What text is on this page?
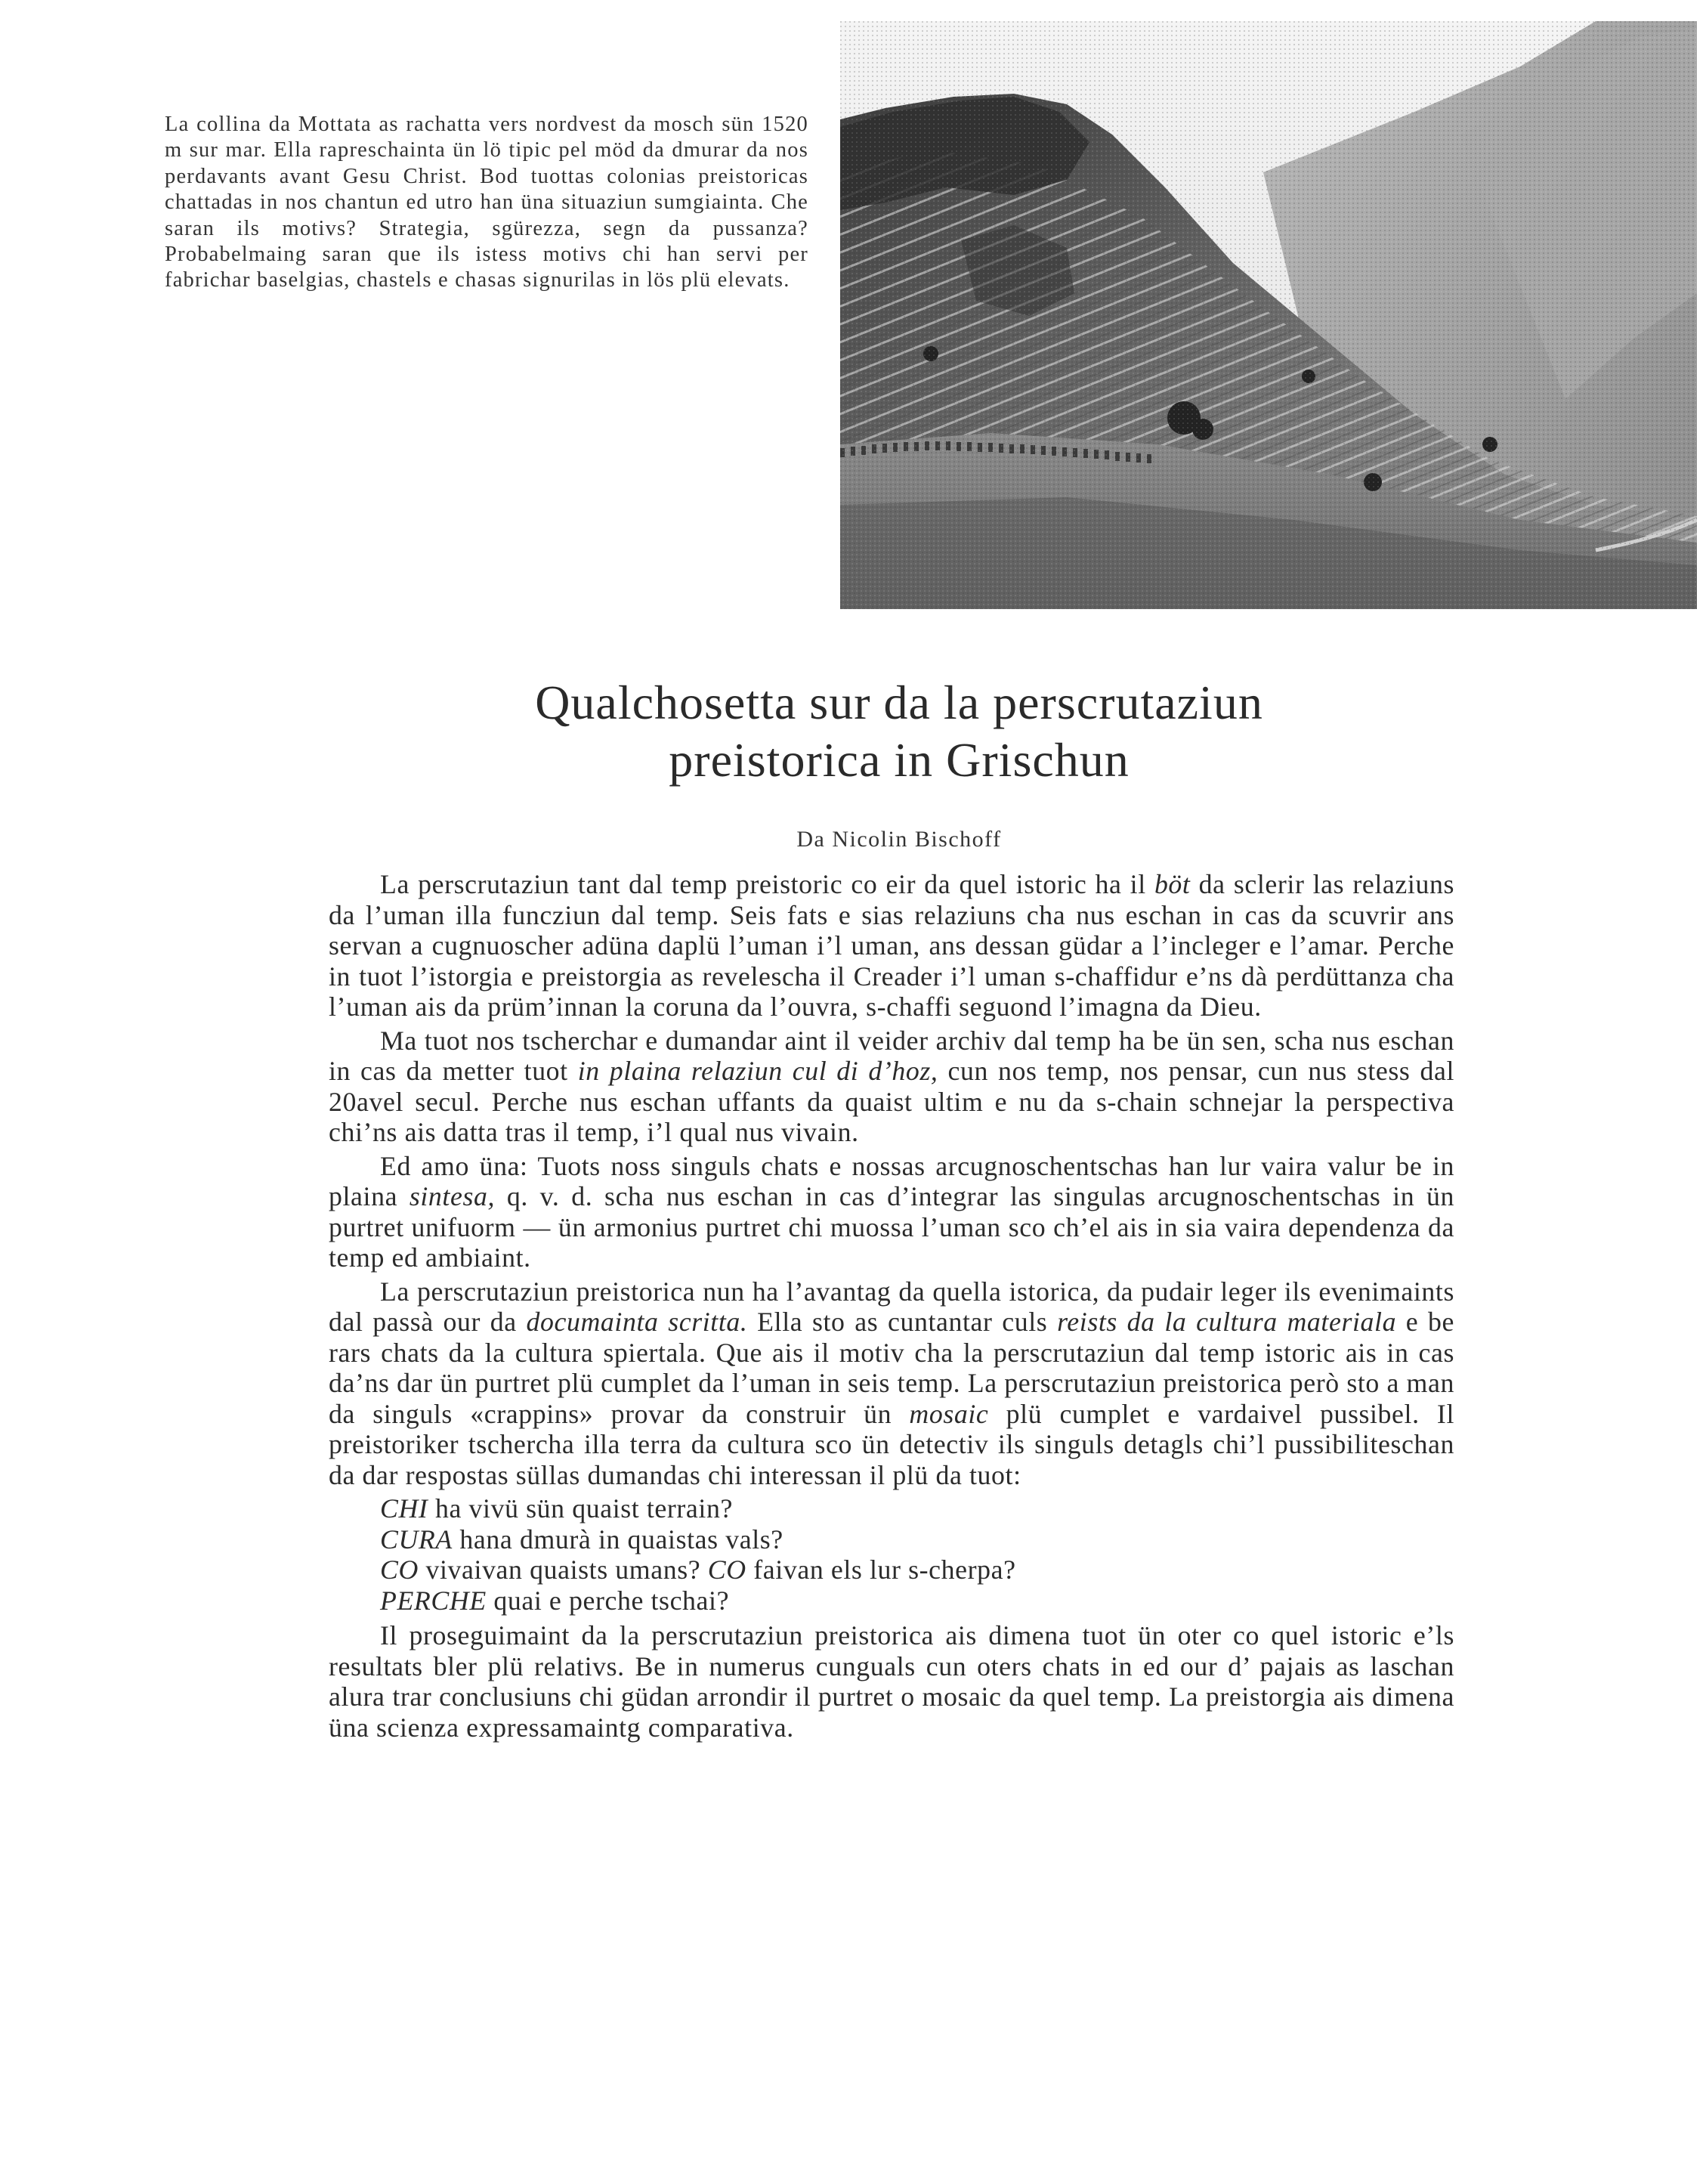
La collina da Mottata as rachatta vers nordvest da mosch sün 1520 m sur mar. Ella rapreschainta ün lö tipic pel möd da dmurar da nos perdavants avant Gesu Christ. Bod tuottas colonias preistoricas chattadas in nos chantun ed utro han üna situaziun sumgiainta. Che saran ils motivs? Strategia, sgürezza, segn da pussanza? Probabelmaing saran que ils istess motivs chi han servi per fabrichar baselgias, chastels e chasas signurilas in lös plü elevats.
Qualchosetta sur da la perscrutaziun
preistorica in Grischun
Da Nicolin Bischoff

La perscrutaziun tant dal temp preistoric co eir da quel istoric ha il böt da sclerir las relaziuns da l’uman illa funcziun dal temp. Seis fats e sias relaziuns cha nus eschan in cas da scuvrir ans servan a cugnuoscher adüna daplü l’uman i’l uman, ans dessan güdar a l’incleger e l’amar. Perche in tuot l’istorgia e preistorgia as revelescha il Creader i’l uman s-chaffidur e’ns dà perdüttanza cha l’uman ais da prüm’innan la coruna da l’ouvra, s-chaffi seguond l’imagna da Dieu.

Ma tuot nos tscherchar e dumandar aint il veider archiv dal temp ha be ün sen, scha nus eschan in cas da metter tuot in plaina relaziun cul di d’hoz, cun nos temp, nos pensar, cun nus stess dal 20avel secul. Perche nus eschan uffants da quaist ultim e nu da s-chain schnejar la perspectiva chi’ns ais datta tras il temp, i’l qual nus vivain.

Ed amo üna: Tuots noss singuls chats e nossas arcugnoschentschas han lur vaira valur be in plaina sintesa, q. v. d. scha nus eschan in cas d’integrar las singulas arcugnoschentschas in ün purtret unifuorm — ün armonius purtret chi muossa l’uman sco ch’el ais in sia vaira dependenza da temp ed ambiaint.

La perscrutaziun preistorica nun ha l’avantag da quella istorica, da pudair leger ils evenimaints dal passà our da documainta scritta. Ella sto as cuntantar culs reists da la cultura materiala e be rars chats da la cultura spiertala. Que ais il motiv cha la perscrutaziun dal temp istoric ais in cas da’ns dar ün purtret plü cumplet da l’uman in seis temp. La perscrutaziun preistorica però sto a man da singuls «crappins» provar da construir ün mosaic plü cumplet e vardaivel pussibel. Il preistoriker tscherchа illa terra da cultura sco ün detectiv ils singuls detagls chi’l pussibiliteschan da dar respostas süllas dumandas chi interessan il plü da tuot:

CHI ha vivü sün quaist terrain?
CURA hana dmurà in quaistas vals?
CO vivaivan quaists umans? CO faivan els lur s-cherpa?
PERCHE quai e perche tschai?

Il proseguimaint da la perscrutaziun preistorica ais dimena tuot ün oter co quel istoric e’ls resultats bler plü relativs. Be in numerus cunguals cun oters chats in ed our d’ pajais as laschan alura trar conclusiuns chi güdan arrondir il purtret o mosaic da quel temp. La preistorgia ais dimena üna scienza expressamaintg comparativa.
